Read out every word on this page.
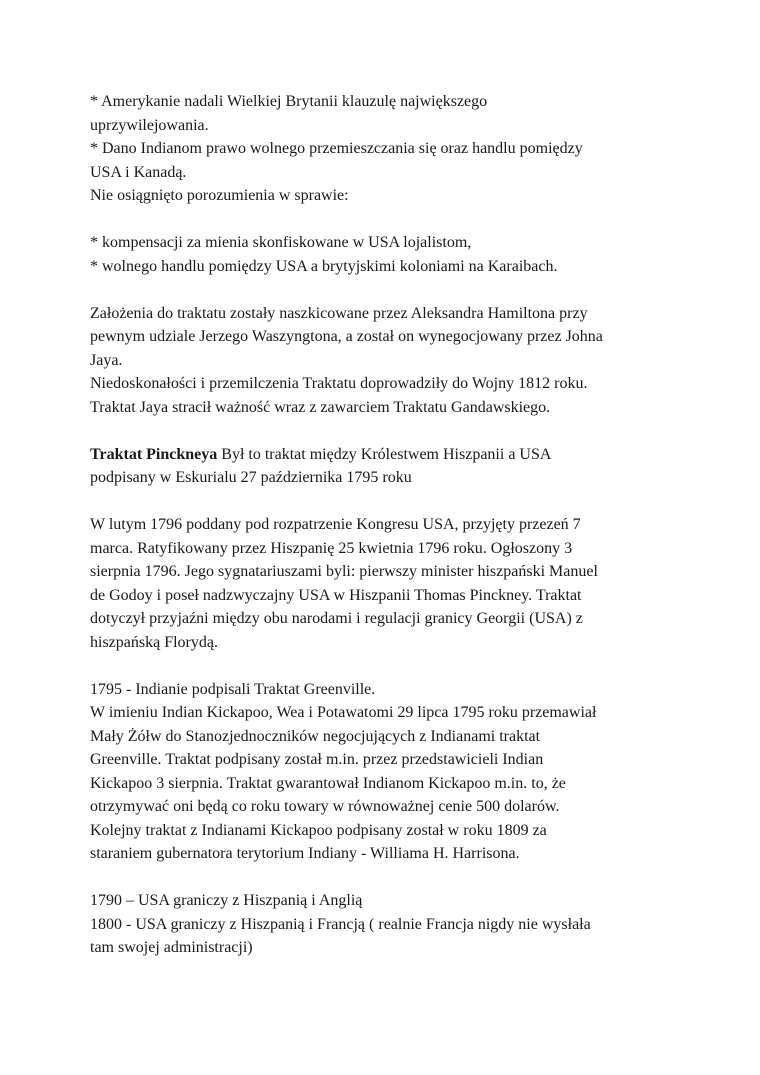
* Amerykanie nadali Wielkiej Brytanii klauzulę największego

uprzywilejowania.

* Dano Indianom prawo wolnego przemieszczania się oraz handlu pomiędzy

USA i Kanadą.

Nie osiągnięto porozumienia w sprawie:

* kompensacji za mienia skonfiskowane w USA lojalistom,

* wolnego handlu pomiędzy USA a brytyjskimi koloniami na Karaibach.

Założenia do traktatu zostały naszkicowane przez Aleksandra Hamiltona przy

pewnym udziale Jerzego Waszyngtona, a został on wynegocjowany przez Johna

Jaya.

Niedoskonałości i przemilczenia Traktatu doprowadziły do Wojny 1812 roku.

Traktat Jaya stracił ważność wraz z zawarciem Traktatu Gandawskiego.

Traktat Pinckneya Był to traktat między Królestwem Hiszpanii a USA

podpisany w Eskurialu 27 października 1795 roku

W lutym 1796 poddany pod rozpatrzenie Kongresu USA, przyjęty przezeń 7

marca. Ratyfikowany przez Hiszpanię 25 kwietnia 1796 roku. Ogłoszony 3

sierpnia 1796. Jego sygnatariuszami byli: pierwszy minister hiszpański Manuel

de Godoy i poseł nadzwyczajny USA w Hiszpanii Thomas Pinckney. Traktat

dotyczył przyjaźni między obu narodami i regulacji granicy Georgii (USA) z

hiszpańską Florydą.

1795 - Indianie podpisali Traktat Greenville.

W imieniu Indian Kickapoo, Wea i Potawatomi 29 lipca 1795 roku przemawiał

Mały Żółw do Stanozjednoczników negocjujących z Indianami traktat

Greenville. Traktat podpisany został m.in. przez przedstawicieli Indian

Kickapoo 3 sierpnia. Traktat gwarantował Indianom Kickapoo m.in. to, że

otrzymywać oni będą co roku towary w równoważnej cenie 500 dolarów.

Kolejny traktat z Indianami Kickapoo podpisany został w roku 1809 za

staraniem gubernatora terytorium Indiany - Williama H. Harrisona.

1790 – USA graniczy z Hiszpanią i Anglią

1800 - USA graniczy z Hiszpanią i Francją ( realnie Francja nigdy nie wysłała

tam swojej administracji)
